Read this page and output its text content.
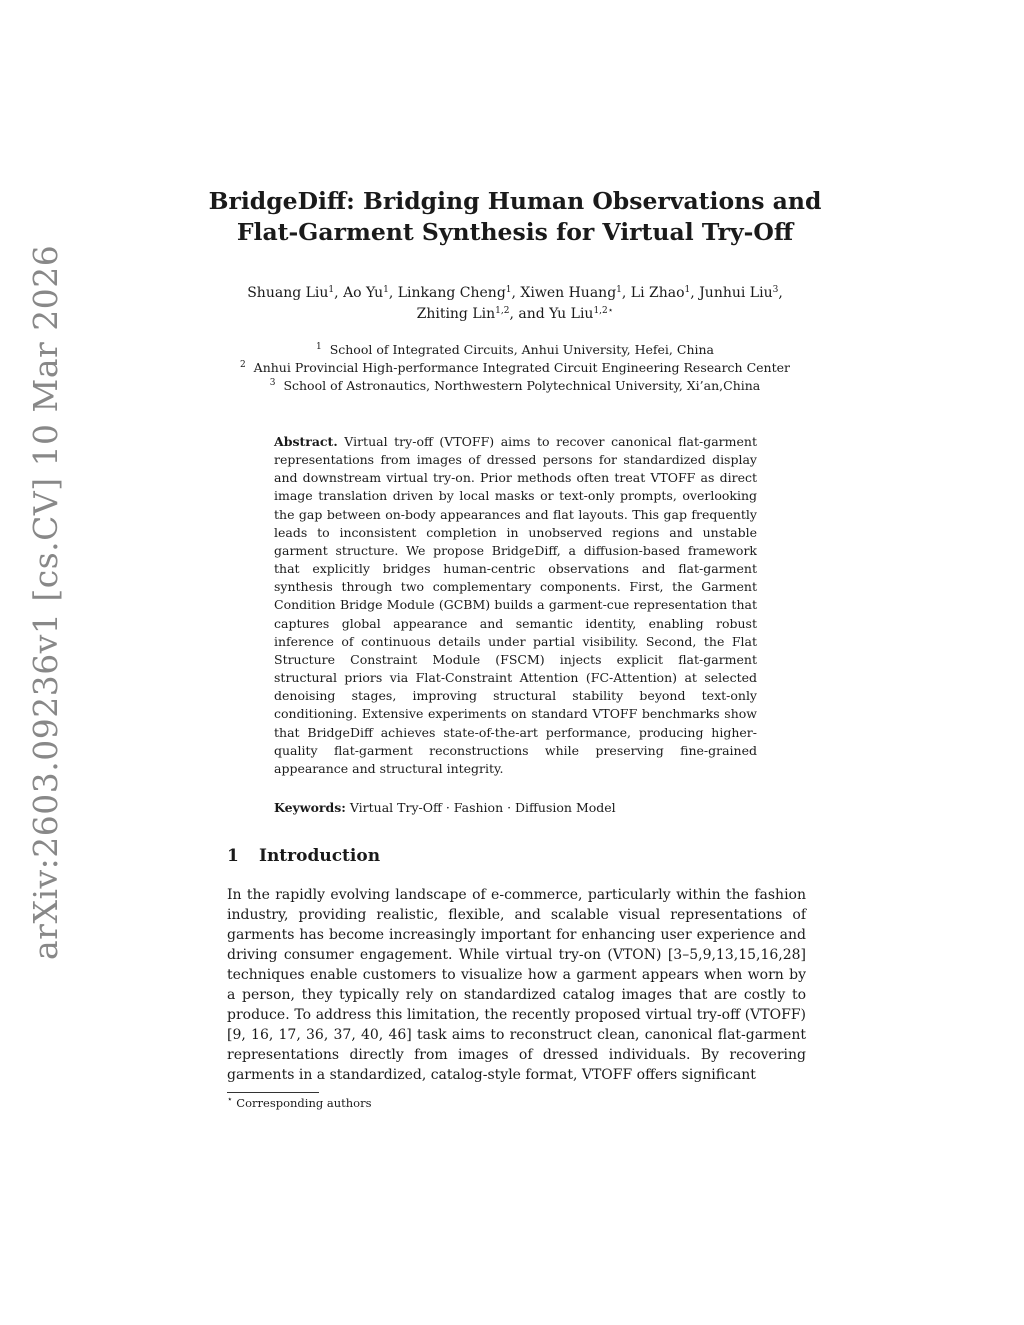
arXiv:2603.09236v1 [cs.CV] 10 Mar 2026
BridgeDiff: Bridging Human Observations and
Flat-Garment Synthesis for Virtual Try-Off
Shuang Liu$^1$, Ao Yu$^1$, Linkang Cheng$^1$, Xiwen Huang$^1$, Li Zhao$^1$, Junhui Liu$^3$,
Zhiting Lin$^{1,2}$, and Yu Liu$^{1,2⋆}$
$^1$ School of Integrated Circuits, Anhui University, Hefei, China
$^2$ Anhui Provincial High-performance Integrated Circuit Engineering Research Center
$^3$ School of Astronautics, Northwestern Polytechnical University, Xi’an,China
Abstract. Virtual try-off (VTOFF) aims to recover canonical flat-garment representations from images of dressed persons for standardized display and downstream virtual try-on. Prior methods often treat VTOFF as direct image translation driven by local masks or text-only prompts, overlooking the gap between on-body appearances and flat layouts. This gap frequently leads to inconsistent completion in unobserved regions and unstable garment structure. We propose BridgeDiff, a diffusion-based framework that explicitly bridges human-centric observations and flat-garment synthesis through two complementary components. First, the Garment Condition Bridge Module (GCBM) builds a garment-cue representation that captures global appearance and semantic identity, enabling robust inference of continuous details under partial visibility. Second, the Flat Structure Constraint Module (FSCM) injects explicit flat-garment structural priors via Flat-Constraint Attention (FC-Attention) at selected denoising stages, improving structural stability beyond text-only conditioning. Extensive experiments on standard VTOFF benchmarks show that BridgeDiff achieves state-of-the-art performance, producing higher-quality flat-garment reconstructions while preserving fine-grained appearance and structural integrity.
Keywords: Virtual Try-Off · Fashion · Diffusion Model
1 Introduction
In the rapidly evolving landscape of e-commerce, particularly within the fashion industry, providing realistic, flexible, and scalable visual representations of garments has become increasingly important for enhancing user experience and driving consumer engagement. While virtual try-on (VTON) [3–5,9,13,15,16,28] techniques enable customers to visualize how a garment appears when worn by a person, they typically rely on standardized catalog images that are costly to produce. To address this limitation, the recently proposed virtual try-off (VTOFF) [9, 16, 17, 36, 37, 40, 46] task aims to reconstruct clean, canonical flat-garment representations directly from images of dressed individuals. By recovering garments in a standardized, catalog-style format, VTOFF offers significant
⋆ Corresponding authors
